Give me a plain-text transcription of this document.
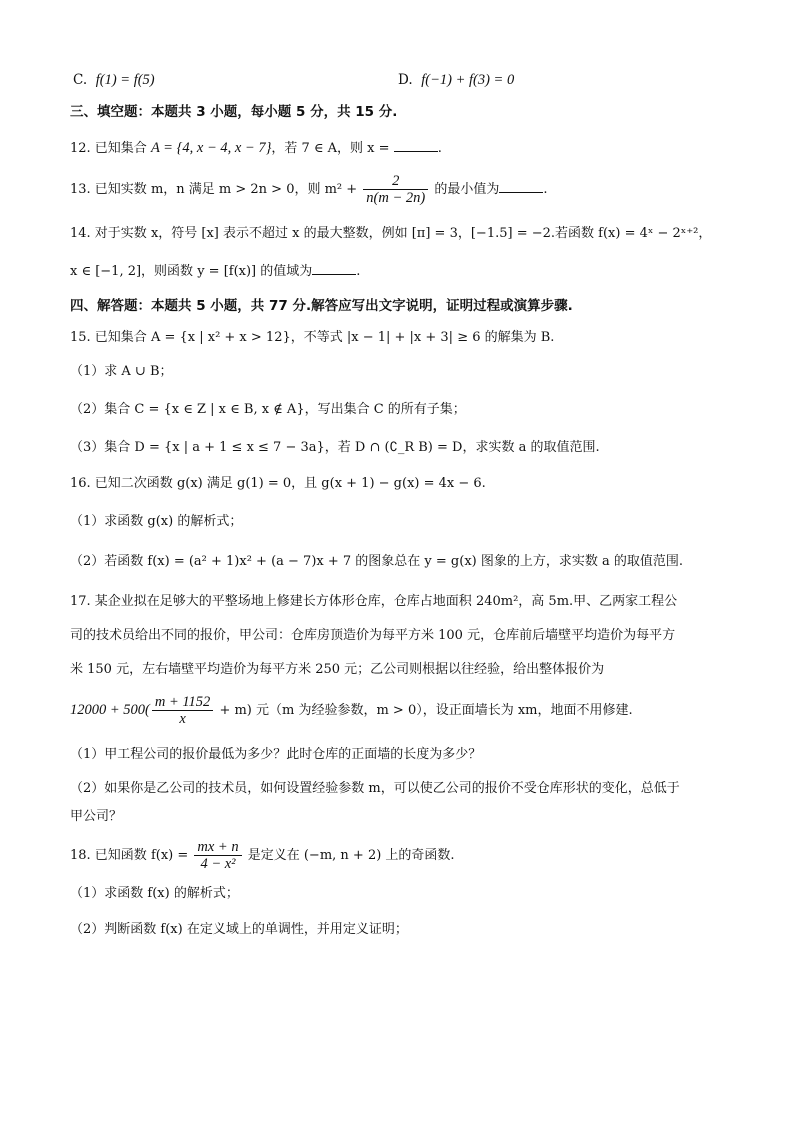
C. f(1) = f(5)	D. f(−1) + f(3) = 0
三、填空题：本题共 3 小题，每小题 5 分，共 15 分.
12. 已知集合 A = {4, x − 4, x − 7}，若 7 ∈ A，则 x =	.
13. 已知实数 m，n 满足 m > 2n > 0，则 $m^2 + \frac{2}{n(m - 2n)}$ 的最小值为	.
14. 对于实数 x，符号 [x] 表示不超过 x 的最大整数，例如 [π] = 3，[−1.5] = −2.若函数 f(x) = 4ˣ − 2ˣ⁺²，
x ∈ [−1, 2]，则函数 y = [f(x)] 的值域为	.
四、解答题：本题共 5 小题，共 77 分.解答应写出文字说明，证明过程或演算步骤.
15. 已知集合 A = {x | x² + x > 12}，不等式 |x − 1| + |x + 3| ≥ 6 的解集为 B.
（1）求 A ∪ B；
（2）集合 C = {x ∈ Z | x ∈ B, x ∉ A}，写出集合 C 的所有子集；
（3）集合 D = {x | a + 1 ≤ x ≤ 7 − 3a}，若 D ∩ (∁_R B) = D，求实数 a 的取值范围.
16. 已知二次函数 g(x) 满足 g(1) = 0，且 g(x + 1) − g(x) = 4x − 6.
（1）求函数 g(x) 的解析式；
（2）若函数 f(x) = (a² + 1)x² + (a − 7)x + 7 的图象总在 y = g(x) 图象的上方，求实数 a 的取值范围.
17. 某企业拟在足够大的平整场地上修建长方体形仓库，仓库占地面积 240m²，高 5m.甲、乙两家工程公
司的技术员给出不同的报价，甲公司：仓库房顶造价为每平方米 100 元，仓库前后墙壁平均造价为每平方
米 150 元，左右墙壁平均造价为每平方米 250 元；乙公司则根据以往经验，给出整体报价为
$12000 + 500( \frac{m + 1152}{x} + m)$ 元（m 为经验参数，m > 0），设正面墙长为 xm，地面不用修建.
（1）甲工程公司的报价最低为多少？此时仓库的正面墙的长度为多少？
（2）如果你是乙公司的技术员，如何设置经验参数 m，可以使乙公司的报价不受仓库形状的变化，总低于
甲公司？
18. 已知函数 $f(x) = \frac{mx + n}{\text{4 − x²}}$ 是定义在 (−m, n + 2) 上的奇函数.
（1）求函数 f(x) 的解析式；
（2）判断函数 f(x) 在定义域上的单调性，并用定义证明；
